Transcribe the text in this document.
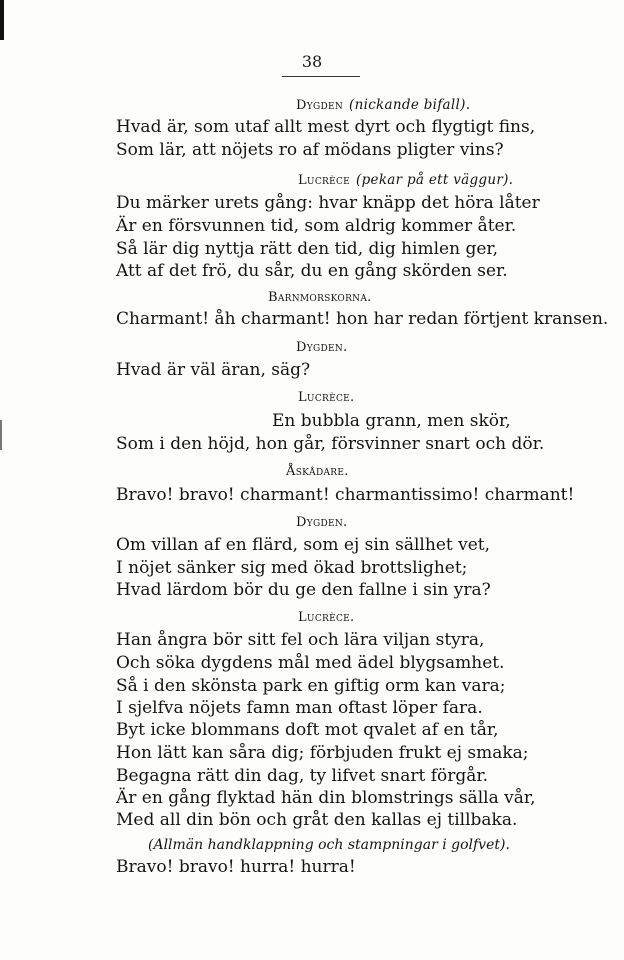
38
Dygden (nickande bifall).
Hvad är, som utaf allt mest dyrt och flygtigt fins,
Som lär, att nöjets ro af mödans pligter vins?
Lucrèce (pekar på ett väggur).
Du märker urets gång: hvar knäpp det höra låter
Är en försvunnen tid, som aldrig kommer åter.
Så lär dig nyttja rätt den tid, dig himlen ger,
Att af det frö, du sår, du en gång skörden ser.
Barnmorskorna.
Charmant! åh charmant! hon har redan förtjent kransen.
Dygden.
Hvad är väl äran, säg?
Lucrèce.
En bubbla grann, men skör,
Som i den höjd, hon går, försvinner snart och dör.
Åskådare.
Bravo! bravo! charmant! charmantissimo! charmant!
Dygden.
Om villan af en flärd, som ej sin sällhet vet,
I nöjet sänker sig med ökad brottslighet;
Hvad lärdom bör du ge den fallne i sin yra?
Lucrèce.
Han ångra bör sitt fel och lära viljan styra,
Och söka dygdens mål med ädel blygsamhet.
Så i den skönsta park en giftig orm kan vara;
I sjelfva nöjets famn man oftast löper fara.
Byt icke blommans doft mot qvalet af en tår,
Hon lätt kan såra dig; förbjuden frukt ej smaka;
Begagna rätt din dag, ty lifvet snart förgår.
Är en gång flyktad hän din blomstrings sälla vår,
Med all din bön och gråt den kallas ej tillbaka.
(Allmän handklappning och stampningar i golfvet).
Bravo! bravo! hurra! hurra!
